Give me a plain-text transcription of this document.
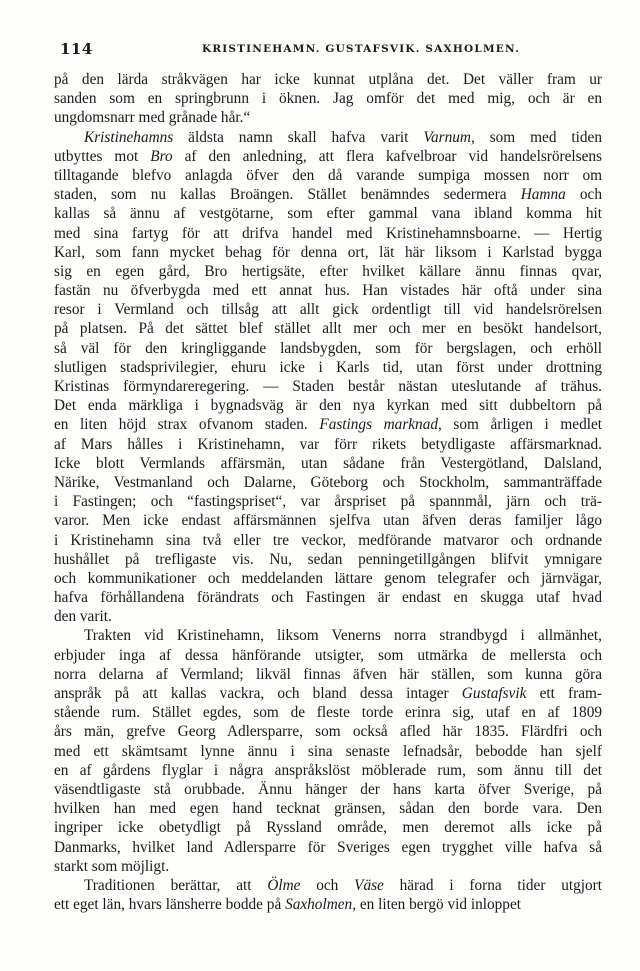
114	KRISTINEHAMN. GUSTAFSVIK. SAXHOLMEN.
på den lärda stråkvägen har icke kunnat utplåna det. Det väller fram ur
sanden som en springbrunn i öknen. Jag omför det med mig, och är en
ungdomsnarr med grånade hår.“
Kristinehamns äldsta namn skall hafva varit Varnum, som med tiden
utbyttes mot Bro af den anledning, att flera kafvelbroar vid handelsrörelsens
tilltagande blefvo anlagda öfver den då varande sumpiga mossen norr om
staden, som nu kallas Broängen. Stället benämndes sedermera Hamna och
kallas så ännu af vestgötarne, som efter gammal vana ibland komma hit
med sina fartyg för att drifva handel med Kristinehamnsboarne. — Hertig
Karl, som fann mycket behag för denna ort, lät här liksom i Karlstad bygga
sig en egen gård, Bro hertigsäte, efter hvilket källare ännu finnas qvar,
fastän nu öfverbygda med ett annat hus. Han vistades här oftå under sina
resor i Vermland och tillsåg att allt gick ordentligt till vid handelsrörelsen
på platsen. På det sättet blef stället allt mer och mer en besökt handelsort,
så väl för den kringliggande landsbygden, som för bergslagen, och erhöll
slutligen stadsprivilegier, ehuru icke i Karls tid, utan först under drottning
Kristinas förmyndareregering. — Staden består nästan uteslutande af trähus.
Det enda märkliga i bygnadsväg är den nya kyrkan med sitt dubbeltorn på
en liten höjd strax ofvanom staden. Fastings marknad, som årligen i medlet
af Mars hålles i Kristinehamn, var förr rikets betydligaste affärsmarknad.
Icke blott Vermlands affärsmän, utan sådane från Vestergötland, Dalsland,
Närike, Vestmanland och Dalarne, Göteborg och Stockholm, sammanträffade
i Fastingen; och “fastingspriset“, var årspriset på spannmål, järn och trä-
varor. Men icke endast affärsmännen sjelfva utan äfven deras familjer lågo
i Kristinehamn sina två eller tre veckor, medförande matvaror och ordnande
hushållet på trefligaste vis. Nu, sedan penningetillgången blifvit ymnigare
och kommunikationer och meddelanden lättare genom telegrafer och järnvägar,
hafva förhållandena förändrats och Fastingen är endast en skugga utaf hvad
den varit.
Trakten vid Kristinehamn, liksom Venerns norra strandbygd i allmänhet,
erbjuder inga af dessa hänförande utsigter, som utmärka de mellersta och
norra delarna af Vermland; likväl finnas äfven här ställen, som kunna göra
anspråk på att kallas vackra, och bland dessa intager Gustafsvik ett fram-
stående rum. Stället egdes, som de fleste torde erinra sig, utaf en af 1809
års män, grefve Georg Adlersparre, som också afled här 1835. Flärdfri och
med ett skämtsamt lynne ännu i sina senaste lefnadsår, bebodde han sjelf
en af gårdens flyglar i några anspråkslöst möblerade rum, som ännu till det
väsendtligaste stå orubbade. Ännu hänger der hans karta öfver Sverige, på
hvilken han med egen hand tecknat gränsen, sådan den borde vara. Den
ingriper icke obetydligt på Ryssland område, men deremot alls icke på
Danmarks, hvilket land Adlersparre för Sveriges egen trygghet ville hafva så
starkt som möjligt.
Traditionen berättar, att Ölme och Väse härad i forna tider utgjort
ett eget län, hvars länsherre bodde på Saxholmen, en liten bergö vid inloppet
